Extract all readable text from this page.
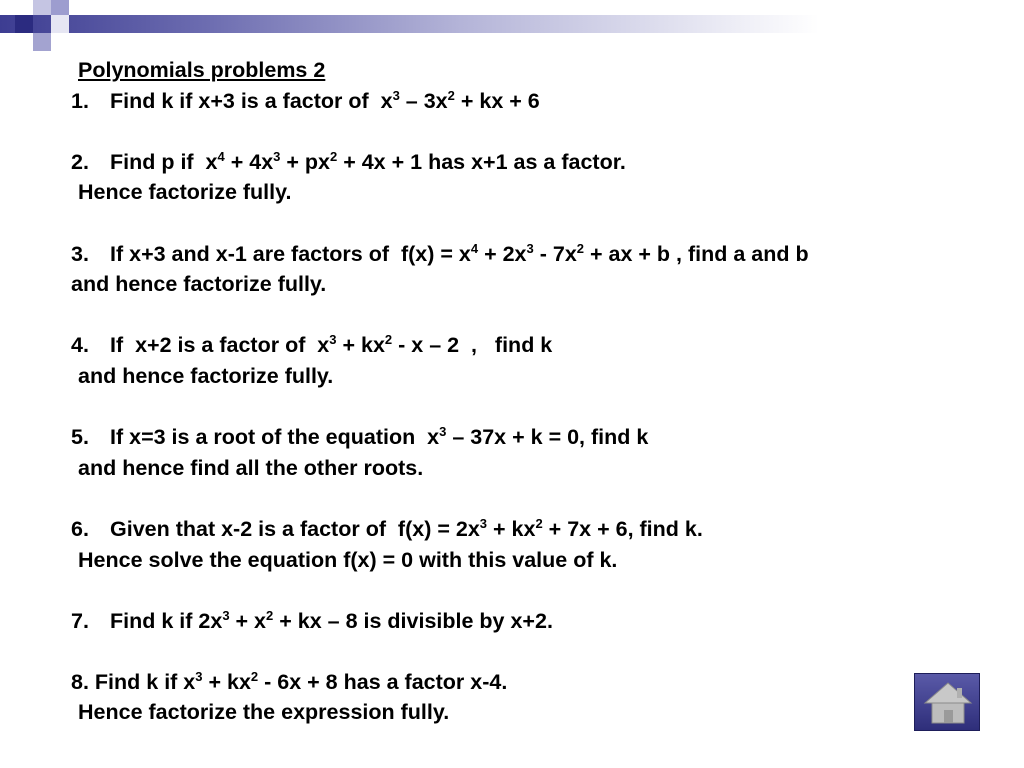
Polynomials problems 2
1. Find k if x+3 is a factor of  $x^3 - 3x^2$ + kx + 6
2. Find p if  $x^4 + 4x^3 + px^2 + 4x + 1$ has x+1 as a factor.
Hence factorize fully.
3. If x+3 and x-1 are factors of  $f(x) = x^4 + 2x^3 - 7x^2$ + ax + b , find a and b
and hence factorize fully.
4. If  x+2 is a factor of  $x^3 + kx^2 - x - 2$  ,   find k
and hence factorize fully.
5. If x=3 is a root of the equation  $x^3 - 37x + k = 0$, find k
and hence find all the other roots.
6. Given that x-2 is a factor of  $f(x) = 2x^3 + kx^2 + 7x + 6$, find k.
Hence solve the equation f(x) = 0 with this value of k.
7. Find k if $2x^3 + x^2$ + kx – 8 is divisible by x+2.
8. Find k if $x^3 + kx^2 - 6x + 8$ has a factor x-4.
Hence factorize the expression fully.
